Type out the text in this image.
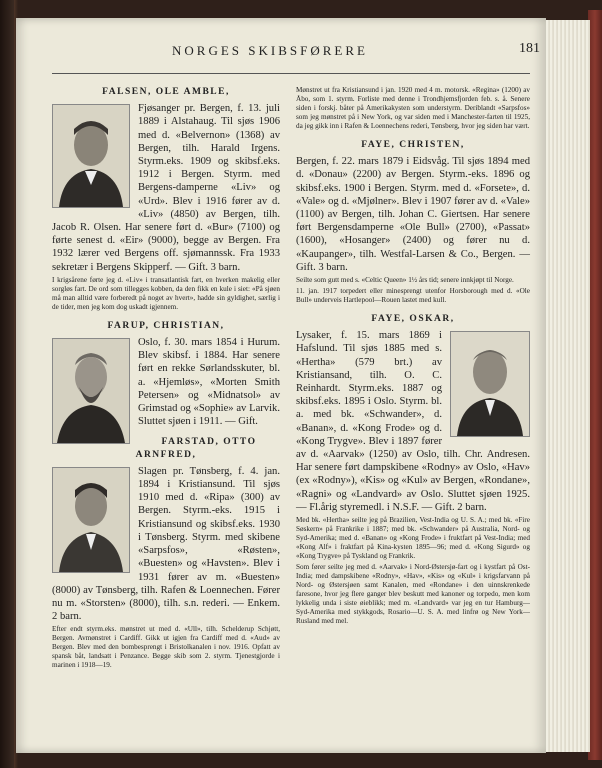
NORGES SKIBSFØRERE	181
FALSEN, OLE AMBLE,

Fjøsanger pr. Bergen, f. 13. juli 1889 i Alstahaug. Til sjøs 1906 med d. «Belvernon» (1368) av Bergen, tilh. Harald Irgens. Styrm.eks. 1909 og skibsf.eks. 1912 i Bergen. Styrm. med Bergens-damperne «Liv» og «Urd». Blev i 1916 fører av d. «Liv» (4850) av Bergen, tilh. Jacob R. Olsen. Har senere ført d. «Bur» (7100) og førte senest d. «Eir» (9000), begge av Bergen. Fra 1932 lærer ved Bergens off. sjømannssk. Fra 1933 sekretær i Bergens Skipperf. — Gift. 3 barn.

I krigsårene førte jeg d. «Liv» i transatlantisk fart, en hverken makelig eller sorgløs fart. De ord som tillegges kobben, da den fikk en kule i siet: «På sjøen må man alltid være forberedt på noget av hvert», hadde sin gyldighet, særlig i de tider, men jeg kom dog uskadt igjennem.

FARUP, CHRISTIAN,

Oslo, f. 30. mars 1854 i Hurum. Blev skibsf. i 1884. Har senere ført en rekke Sørlandsskuter, bl. a. «Hjemløs», «Morten Smith Petersen» og «Midnatsol» av Grimstad og «Sophie» av Larvik. Sluttet sjøen i 1911. — Gift.

FARSTAD, OTTO ARNFRED,

Slagen pr. Tønsberg, f. 4. jan. 1894 i Kristiansund. Til sjøs 1910 med d. «Ripa» (300) av Bergen. Styrm.-eks. 1915 i Kristiansund og skibsf.eks. 1930 i Tønsberg. Styrm. med skibene «Sarpsfos», «Røsten», «Buesten» og «Havsten». Blev i 1931 fører av m. «Buesten» (8000) av Tønsberg, tilh. Rafen & Loennechen. Fører nu m. «Storsten» (8000), tilh. s.n. rederi. — Enkem. 2 barn.

Efter endt styrm.eks. mønstret ut med d. «Ull», tilh. Schelderup Schjøtt, Bergen. Avmønstret i Cardiff. Gikk ut igjen fra Cardiff med d. «Aud» av Bergen. Blev med den bombesprengt i Bristolkanalen i nov. 1916. Opfatt av spansk båt, landsatt i Penzance. Begge skib som 2. styrm. Tjenestgjorde i marinen i 1918—19.

Mønstret ut fra Kristiansund i jan. 1920 med 4 m. motorsk. «Regina» (1200) av Åbo, som 1. styrm. Forliste med denne i Trondhjemsfjorden feb. s. å. Senere siden i forskj. båter på Amerikakysten som understyrm. Deriblandt «Sarpsfos» som jeg mønstret på i New York, og var siden med i Manchester-farten til 1925, da jeg gikk inn i Rafen & Loennechens rederi, Tønsberg, hvor jeg siden har vært.

FAYE, CHRISTEN,

Bergen, f. 22. mars 1879 i Eidsvåg. Til sjøs 1894 med d. «Donau» (2200) av Bergen. Styrm.-eks. 1896 og skibsf.eks. 1900 i Bergen. Styrm. med d. «Forsete», d. «Vale» og d. «Mjølner». Blev i 1907 fører av d. «Vale» (1100) av Bergen, tilh. Johan C. Giertsen. Har senere ført Bergensdamperne «Ole Bull» (2700), «Passat» (1600), «Hosanger» (2400) og fører nu d. «Kaupanger», tilh. Westfal-Larsen & Co., Bergen. — Gift. 3 barn.

Seilte som gutt med s. «Celtic Queen» 1½ års tid; senere innkjøpt til Norge.

11. jan. 1917 torpedert eller minesprengt utenfor Horsborough med d. «Ole Bull» underveis Hartlepool—Rouen lastet med kull.

FAYE, OSKAR,

Lysaker, f. 15. mars 1869 i Hafslund. Til sjøs 1885 med s. «Hertha» (579 brt.) av Kristiansand, tilh. O. C. Reinhardt. Styrm.eks. 1887 og skibsf.eks. 1895 i Oslo. Styrm. bl. a. med bk. «Schwander», d. «Banan», d. «Kong Frode» og d. «Kong Trygve». Blev i 1897 fører av d. «Aarvak» (1250) av Oslo, tilh. Chr. Andresen. Har senere ført dampskibene «Rodny» av Oslo, «Hav» (ex «Rodny»), «Kis» og «Kul» av Bergen, «Rondane», «Ragni» og «Landvard» av Oslo. Sluttet sjøen 1925. — Fl.årig styremedl. i N.S.F. — Gift. 2 barn.

Med bk. «Hertha» seilte jeg på Brazilien, Vest-India og U. S. A.; med bk. «Fire Søskern» på Frankrike i 1887; med bk. «Schwander» på Australia, Nord- og Syd-Amerika; med d. «Banan» og «Kong Frode» i fruktfart på Vest-India; med «Kong Alf» i fraktfart på Kina-kysten 1895—96; med d. «Kong Sigurd» og «Kong Trygve» på Tyskland og Frankrik.

Som fører seilte jeg med d. «Aarvak» i Nord-Østersjø-fart og i kystfart på Ost-India; med dampskibene «Rodny», «Hav», «Kis» og «Kul» i krigsfarvann på Nord- og Østersjøen samt Kanalen, med «Rondane» i den uinnskrenkede faresone, hvor jeg flere ganger blev beskutt med kanoner og torpedo, men kom lykkelig unda i siste øieblikk; med m. «Landvard» var jeg en tur Hamburg—Syd-Amerika med stykkgods, Rosario—U. S. A. med linfrø og New York—Rusland med mel.
